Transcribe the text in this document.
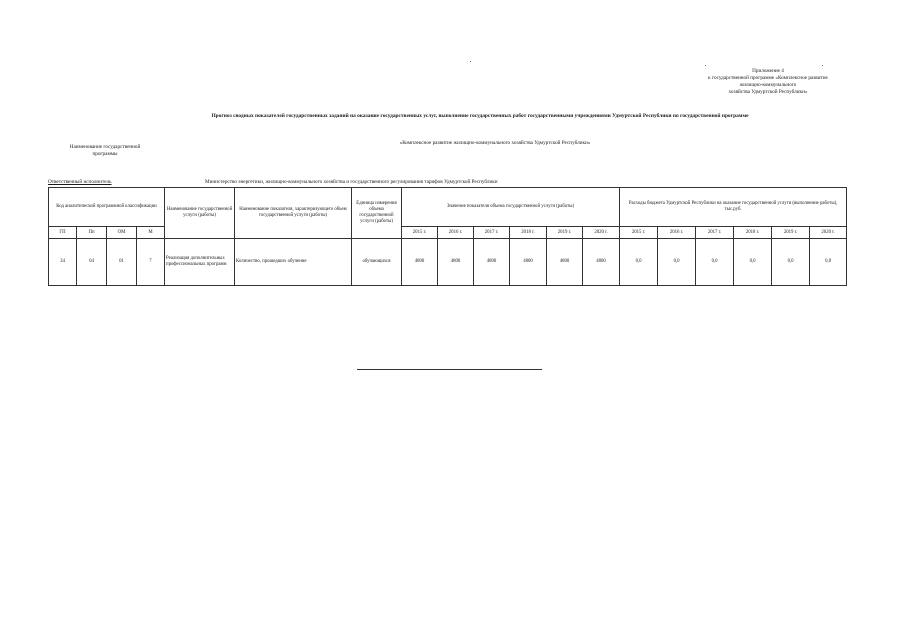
Приложение 4
к государственной программе «Комплексное развитие
жилищно-коммунального
хозяйства Удмуртской Республики»
Прогноз сводных показателей государственных заданий на оказание государственных услуг, выполнение государственных работ государственными учреждениями Удмуртской Республики по государственной программе
Наименование государственной
программы
«Комплексное развитие жилищно-коммунального хозяйства Удмуртской Республики»
Ответственный исполнитель	Министерство энергетики, жилищно-коммунального хозяйства и государственного регулирования тарифов Удмуртской Республики
Код аналитической программной классификации				Наименование государственной услуги (работы)	Наименование показателя, характеризующего объем государственной услуги (работы)	Единица измерения объема государственной услуги (работы)	Значение показателя объема государственной услуги (работы)						Расходы бюджета Удмуртской Республики на оказание государственной услуги (выполнение работы), тыс.руб.					
ГП	Пп	ОМ	М				2015 г.	2016 г.	2017 г.	2018 г.	2019 г.	2020 г.	2015 г.	2016 г.	2017 г.	2018 г.	2019 г.	2020 г.
34	04	01	7	Реализация дополнительных профессиональных программ	Количество, прошедших обучение	обучающихся	4800	4800	4800	4800	4800	4800	0,0	0,0	0,0	0,0	0,0	0,0
